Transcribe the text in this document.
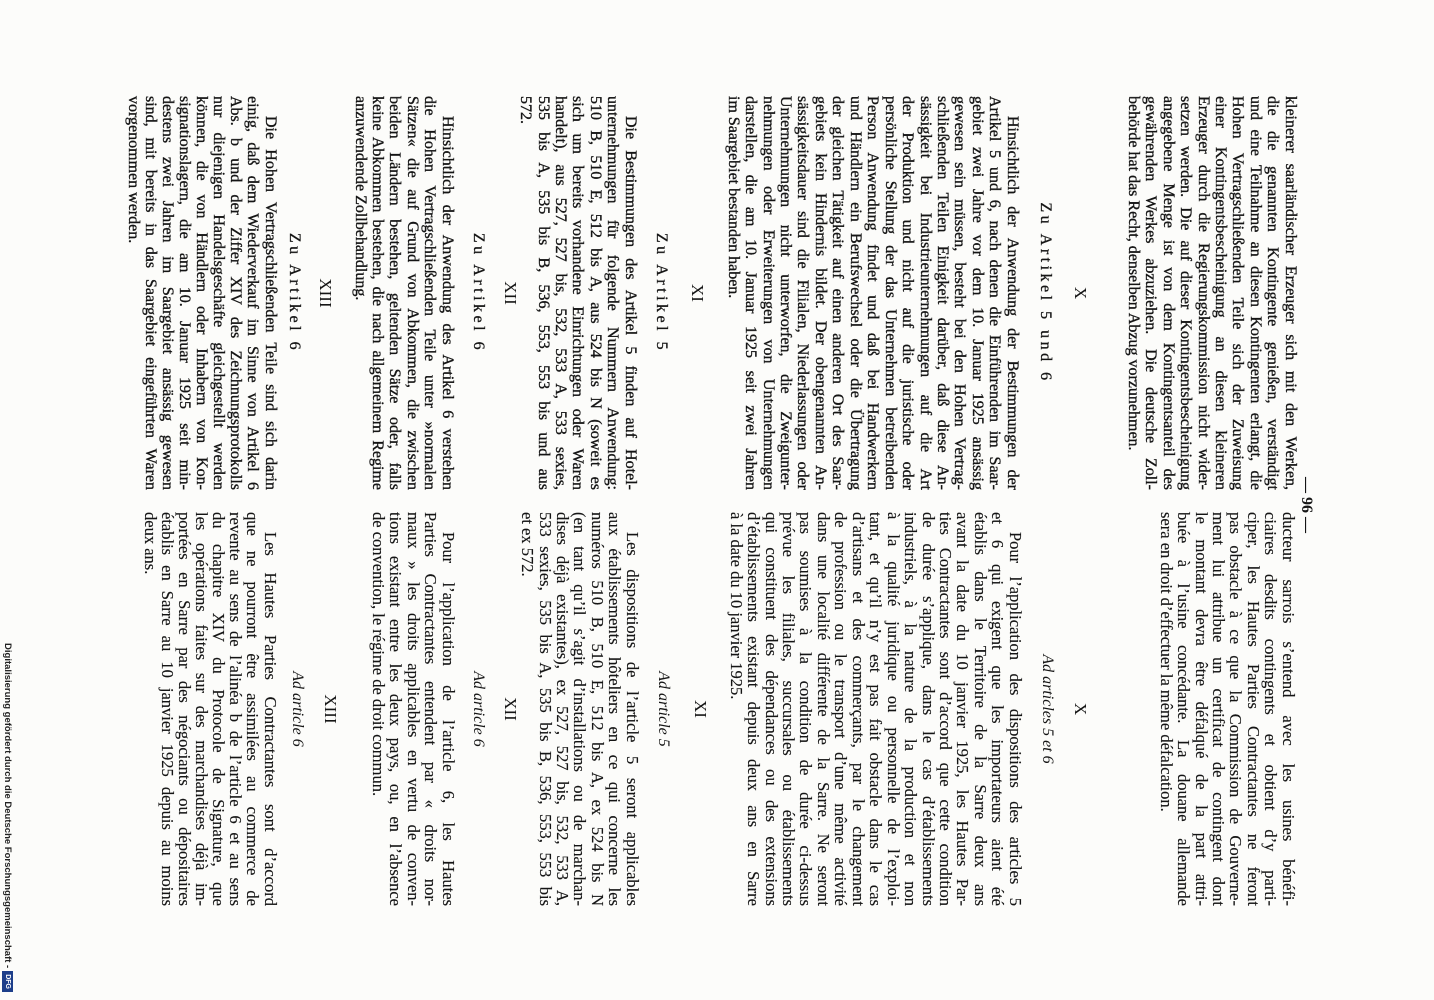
— 96 —
kleinerer saarländischer Erzeuger sich mit den Werken,
die die genannten Kontingente genießen, verständigt
und eine Teilnahme an diesen Kontingenten erlangt, die
Hohen Vertragschließenden Teile sich der Zuweisung
einer Kontingentsbescheinigung an diesen kleineren
Erzeuger durch die Regierungskommission nicht wider-
setzen werden. Die auf dieser Kontingentsbescheinigung
angegebene Menge ist von dem Kontingentsanteil des
gewährenden Werkes abzuziehen. Die deutsche Zoll-
behörde hat das Recht, denselben Abzug vorzunehmen.
X
Zu Artikel 5 und 6
Hinsichtlich der Anwendung der Bestimmungen der
Artikel 5 und 6, nach denen die Einführenden im Saar-
gebiet zwei Jahre vor dem 10. Januar 1925 ansässig
gewesen sein müssen, besteht bei den Hohen Vertrag-
schließenden Teilen Einigkeit darüber, daß diese An-
sässigkeit bei Industrieunternehmungen auf die Art
der Produktion und nicht auf die juristische oder
persönliche Stellung der das Unternehmen betreibenden
Person Anwendung findet und daß bei Handwerkern
und Händlern ein Berufswechsel oder die Übertragung
der gleichen Tätigkeit auf einen anderen Ort des Saar-
gebiets kein Hindernis bildet. Der obengenannten An-
sässigkeitsdauer sind die Filialen, Niederlassungen oder
Unternehmungen nicht unterworfen, die Zweigunter-
nehmungen oder Erweiterungen von Unternehmungen
darstellen, die am 10. Januar 1925 seit zwei Jahren
im Saargebiet bestanden haben.
XI
Zu Artikel 5
Die Bestimmungen des Artikel 5 finden auf Hotel-
unternehmungen für folgende Nummern Anwendung:
510 B, 510 E, 512 bis A, aus 524 bis N (soweit es
sich um bereits vorhandene Einrichtungen oder Waren
handelt), aus 527, 527 bis, 532, 533 A, 533 sexies,
535 bis A, 535 bis B, 536, 553, 553 bis und aus
572.
XII
Zu Artikel 6
Hinsichtlich der Anwendung des Artikel 6 verstehen
die Hohen Vertragschließenden Teile unter »normalen
Sätzen« die auf Grund von Abkommen, die zwischen
beiden Ländern bestehen, geltenden Sätze oder, falls
keine Abkommen bestehen, die nach allgemeinem Regime
anzuwendende Zollbehandlung.
XIII
Zu Artikel 6
Die Hohen Vertragschließenden Teile sind sich darin
einig, daß dem Wiederverkauf im Sinne von Artikel 6
Abs. b und der Ziffer XIV des Zeichnungsprotokolls
nur diejenigen Handelsgeschäfte gleichgestellt werden
können, die von Händlern oder Inhabern von Kon-
signationslagern, die am 10. Januar 1925 seit min-
destens zwei Jahren im Saargebiet ansässig gewesen
sind, mit bereits in das Saargebiet eingeführten Waren
vorgenommen werden.
ducteur sarrois s’entend avec les usines bénéfi-
ciaires desdits contingents et obtient d’y parti-
ciper, les Hautes Parties Contractantes ne feront
pas obstacle à ce que la Commission de Gouverne-
ment lui attribue un certificat de contingent dont
le montant devra être défalqué de la part attri-
buée à l’usine concédante. La douane allemande
sera en droit d’effectuer la même défalcation.
X
Ad articles 5 et 6
Pour l’application des dispositions des articles 5
et 6 qui exigent que les importateurs aient été
établis dans le Territoire de la Sarre deux ans
avant la date du 10 janvier 1925, les Hautes Par-
ties Contractantes sont d’accord que cette condition
de durée s’applique, dans le cas d’établissements
industriels, à la nature de la production et non
à la qualité juridique ou personnelle de l’exploi-
tant, et qu’il n’y est pas fait obstacle dans le cas
d’artisans et des commerçants, par le changement
de profession ou le transport d’une même activité
dans une localité différente de la Sarre. Ne seront
pas soumises à la condition de durée ci-dessus
prévue les filiales, succursales ou établissements
qui constituent des dépendances ou des extensions
d’établissements existant depuis deux ans en Sarre
à la date du 10 janvier 1925.
XI
Ad article 5
Les dispositions de l’article 5 seront applicables
aux établissements hôteliers en ce qui concerne les
numéros 510 B, 510 E, 512 bis A, ex 524 bis N
(en tant qu’il s’agit d’installations ou de marchan-
dises déjà existantes), ex 527, 527 bis, 532, 533 A,
533 sexies, 535 bis A, 535 bis B, 536, 553, 553 bis
et ex 572.
XII
Ad article 6
Pour l’application de l’article 6, les Hautes
Parties Contractantes entendent par « droits nor-
maux » les droits applicables en vertu de conven-
tions existant entre les deux pays, ou, en l’absence
de convention, le régime de droit commun.
XIII
Ad article 6
Les Hautes Parties Contractantes sont d’accord
que ne pourront être assimilées au commerce de
revente au sens de l’alinéa b de l’article 6 et au sens
du chapitre XIV du Protocole de Signature, que
les opérations faites sur des marchandises déjà im-
portées en Sarre par des négociants ou dépositaires
établis en Sarre au 10 janvier 1925 depuis au moins
deux ans.
Digitalisierung gefördert durch die Deutsche Forschungsgemeinschaft -
DFG
